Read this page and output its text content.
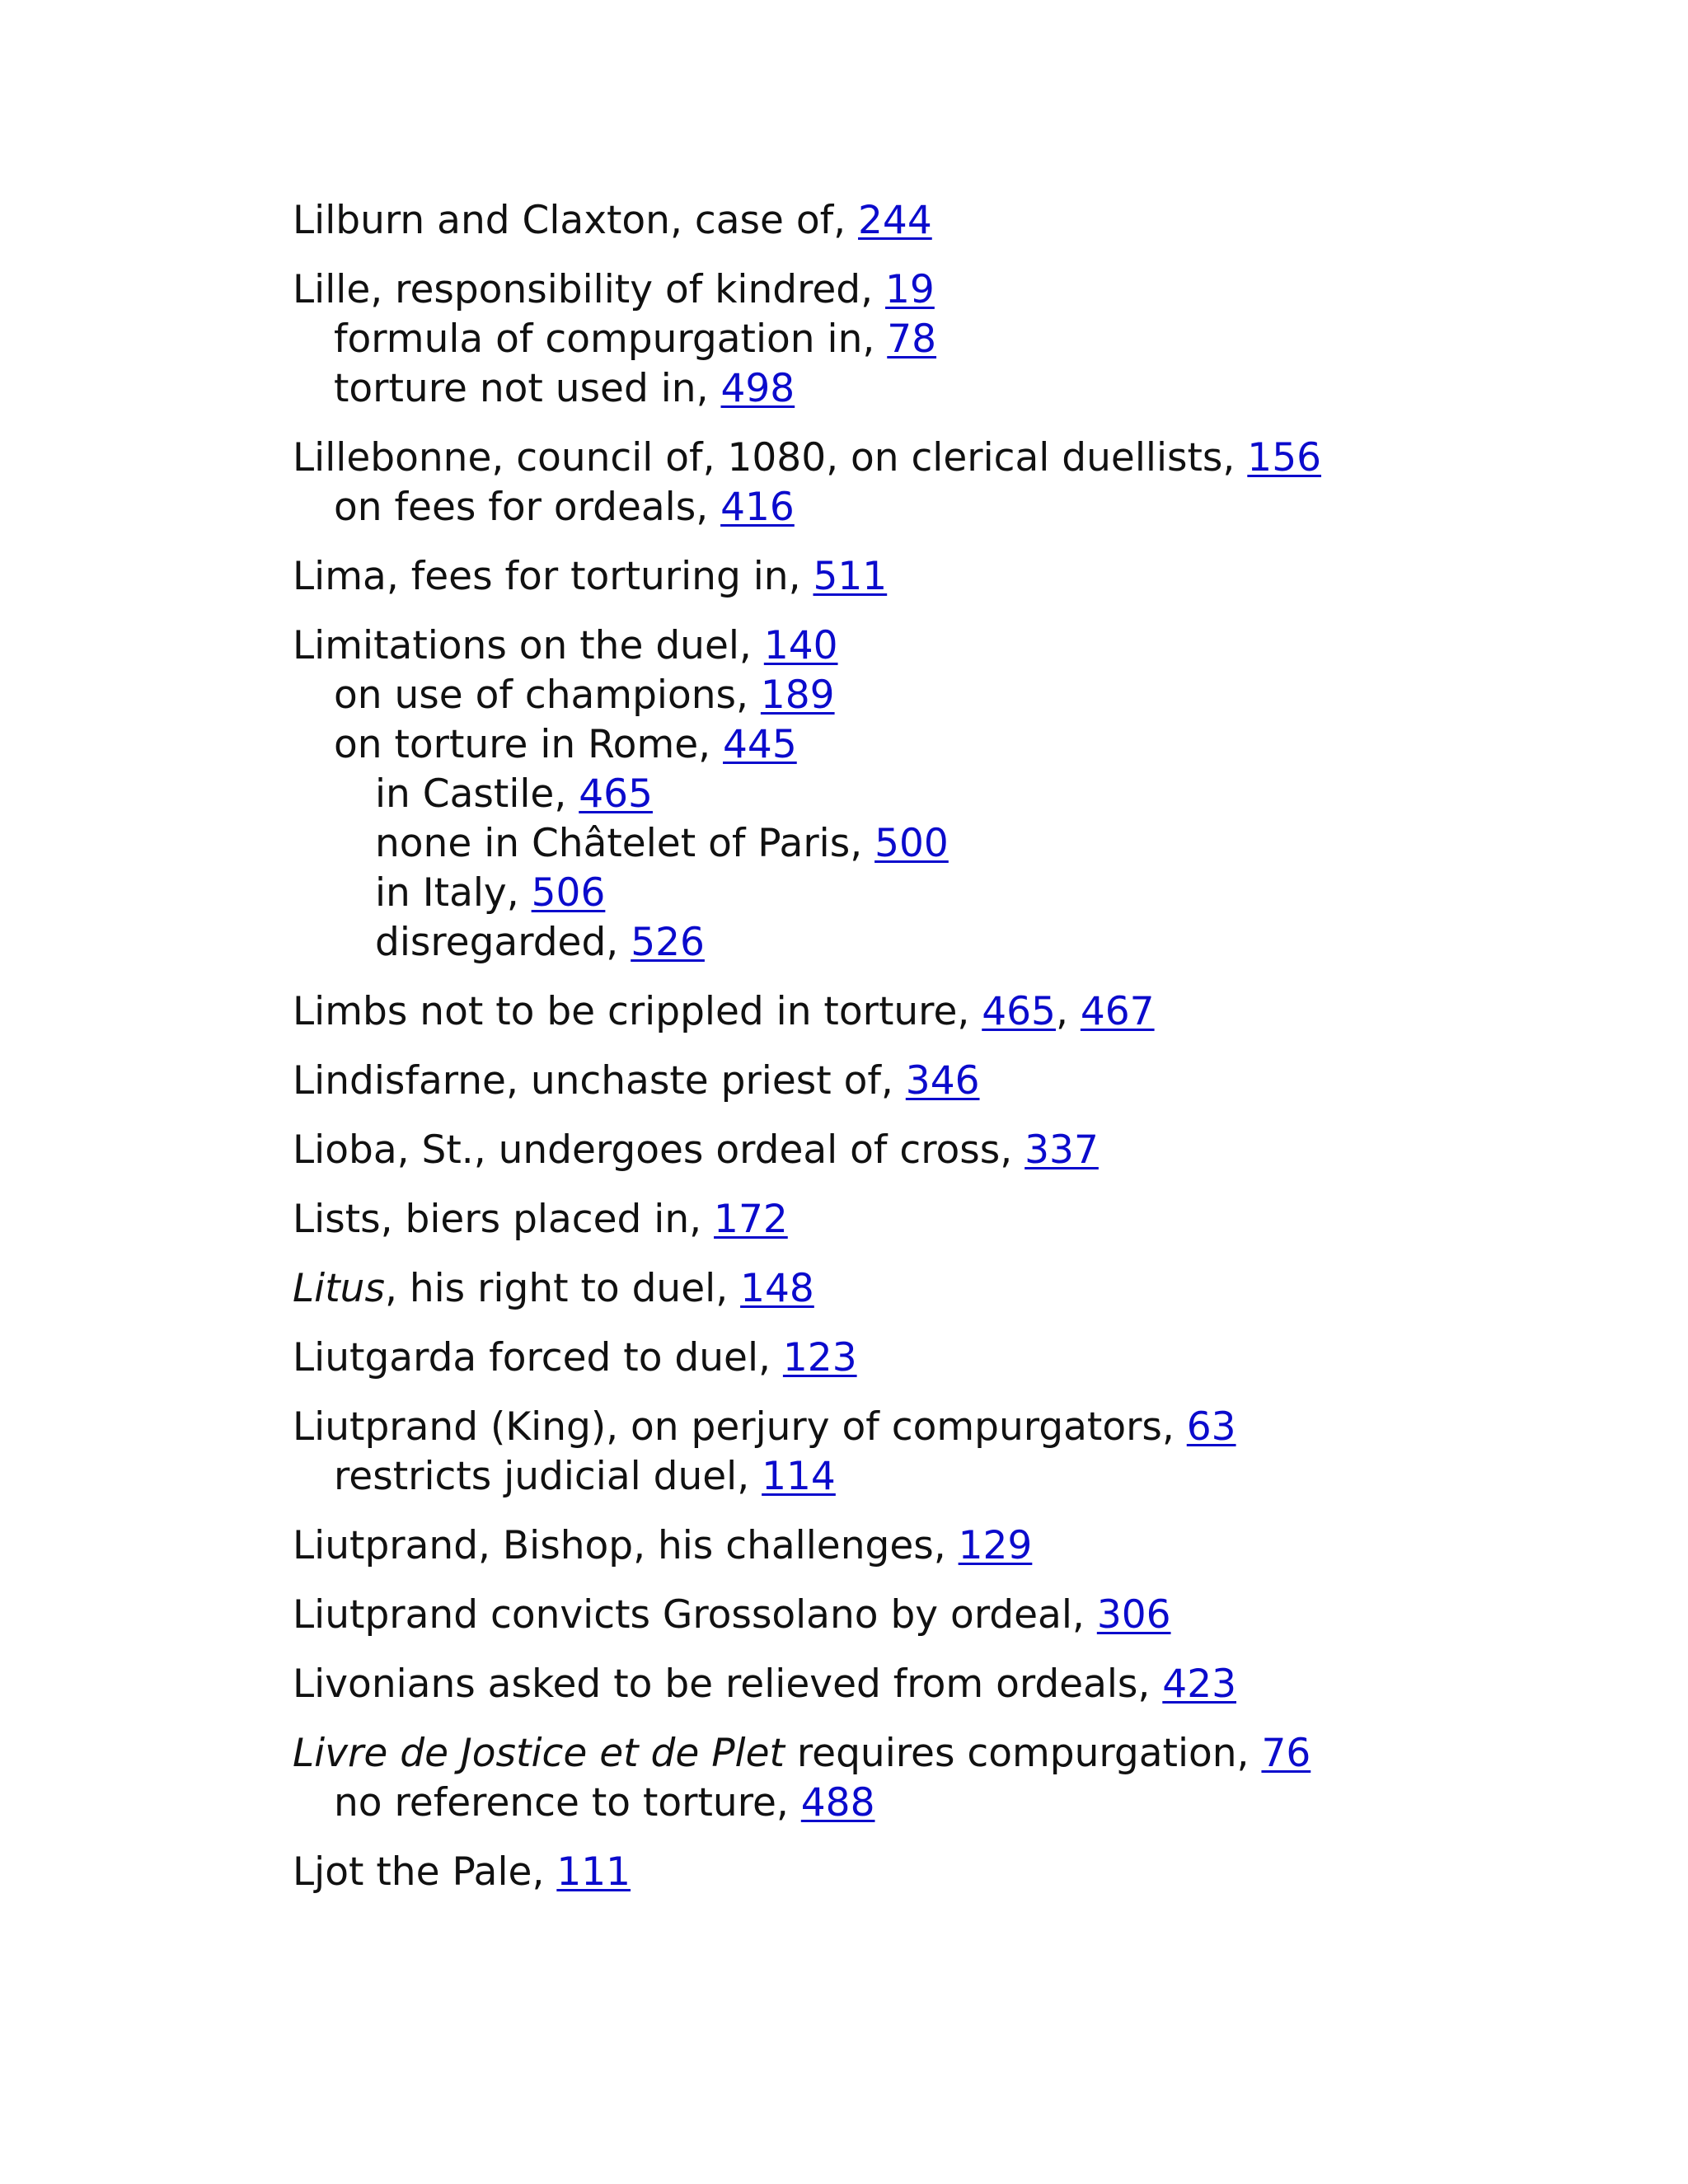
Lilburn and Claxton, case of, 244
Lille, responsibility of kindred, 19
formula of compurgation in, 78
torture not used in, 498
Lillebonne, council of, 1080, on clerical duellists, 156
on fees for ordeals, 416
Lima, fees for torturing in, 511
Limitations on the duel, 140
on use of champions, 189
on torture in Rome, 445
in Castile, 465
none in Châtelet of Paris, 500
in Italy, 506
disregarded, 526
Limbs not to be crippled in torture, 465, 467
Lindisfarne, unchaste priest of, 346
Lioba, St., undergoes ordeal of cross, 337
Lists, biers placed in, 172
Litus, his right to duel, 148
Liutgarda forced to duel, 123
Liutprand (King), on perjury of compurgators, 63
restricts judicial duel, 114
Liutprand, Bishop, his challenges, 129
Liutprand convicts Grossolano by ordeal, 306
Livonians asked to be relieved from ordeals, 423
Livre de Jostice et de Plet requires compurgation, 76
no reference to torture, 488
Ljot the Pale, 111
